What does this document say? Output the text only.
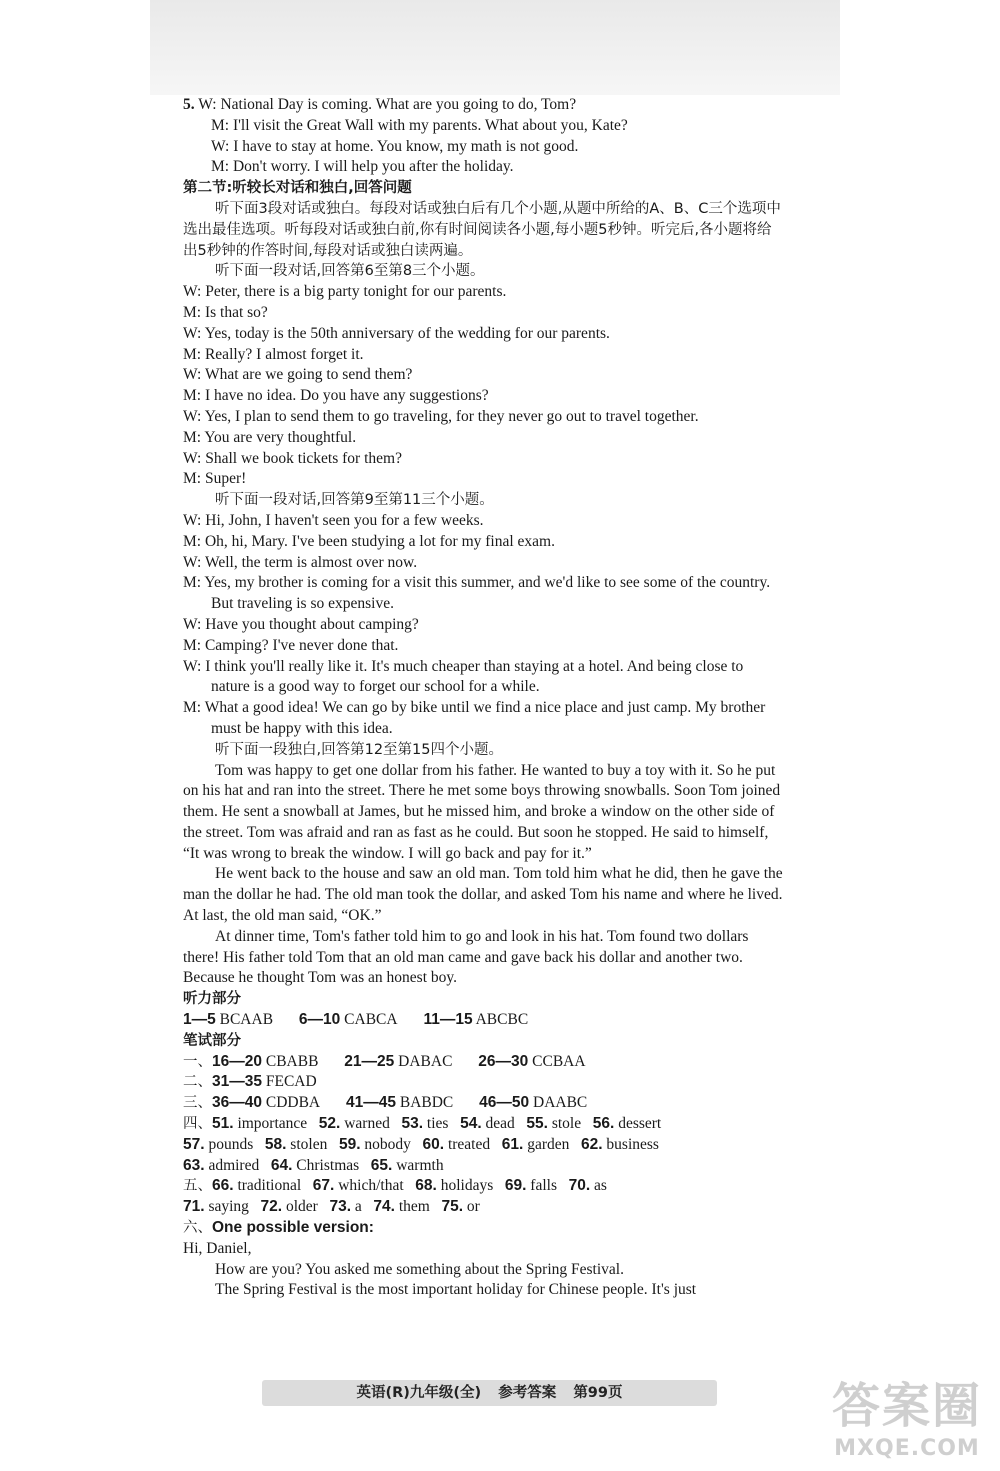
5. W: National Day is coming. What are you going to do, Tom?

M: I'll visit the Great Wall with my parents. What about you, Kate?

W: I have to stay at home. You know, my math is not good.

M: Don't worry. I will help you after the holiday.

第二节:听较长对话和独白,回答问题

听下面3段对话或独白。每段对话或独白后有几个小题,从题中所给的A、B、C三个选项中选出最佳选项。听每段对话或独白前,你有时间阅读各小题,每小题5秒钟。听完后,各小题将给出5秒钟的作答时间,每段对话或独白读两遍。

听下面一段对话,回答第6至第8三个小题。

W: Peter, there is a big party tonight for our parents.

M: Is that so?

W: Yes, today is the 50th anniversary of the wedding for our parents.

M: Really? I almost forget it.

W: What are we going to send them?

M: I have no idea. Do you have any suggestions?

W: Yes, I plan to send them to go traveling, for they never go out to travel together.

M: You are very thoughtful.

W: Shall we book tickets for them?

M: Super!

听下面一段对话,回答第9至第11三个小题。

W: Hi, John, I haven't seen you for a few weeks.

M: Oh, hi, Mary. I've been studying a lot for my final exam.

W: Well, the term is almost over now.

M: Yes, my brother is coming for a visit this summer, and we'd like to see some of the country. But traveling is so expensive.

W: Have you thought about camping?

M: Camping? I've never done that.

W: I think you'll really like it. It's much cheaper than staying at a hotel. And being close to nature is a good way to forget our school for a while.

M: What a good idea! We can go by bike until we find a nice place and just camp. My brother must be happy with this idea.

听下面一段独白,回答第12至第15四个小题。

Tom was happy to get one dollar from his father. He wanted to buy a toy with it. So he put on his hat and ran into the street. There he met some boys throwing snowballs. Soon Tom joined them. He sent a snowball at James, but he missed him, and broke a window on the other side of the street. Tom was afraid and ran as fast as he could. But soon he stopped. He said to himself, “It was wrong to break the window. I will go back and pay for it.”

He went back to the house and saw an old man. Tom told him what he did, then he gave the man the dollar he had. The old man took the dollar, and asked Tom his name and where he lived. At last, the old man said, “OK.”

At dinner time, Tom's father told him to go and look in his hat. Tom found two dollars there! His father told Tom that an old man came and gave back his dollar and another two. Because he thought Tom was an honest boy.

听力部分

1—5 BCAAB 6—10 CABCA 11—15 ABCBC

笔试部分

一、16—20 CBABB 21—25 DABAC 26—30 CCBAA

二、31—35 FECAD

三、36—40 CDDBA 41—45 BABDC 46—50 DAABC

四、51. importance 52. warned 53. ties 54. dead 55. stole 56. dessert

57. pounds 58. stolen 59. nobody 60. treated 61. garden 62. business

63. admired 64. Christmas 65. warmth

五、66. traditional 67. which/that 68. holidays 69. falls 70. as

71. saying 72. older 73. a 74. them 75. or

六、One possible version:

Hi, Daniel,

How are you? You asked me something about the Spring Festival.

The Spring Festival is the most important holiday for Chinese people. It's just

英语(R)九年级(全) 参考答案 第99页	答案圈
MXQE.COM
